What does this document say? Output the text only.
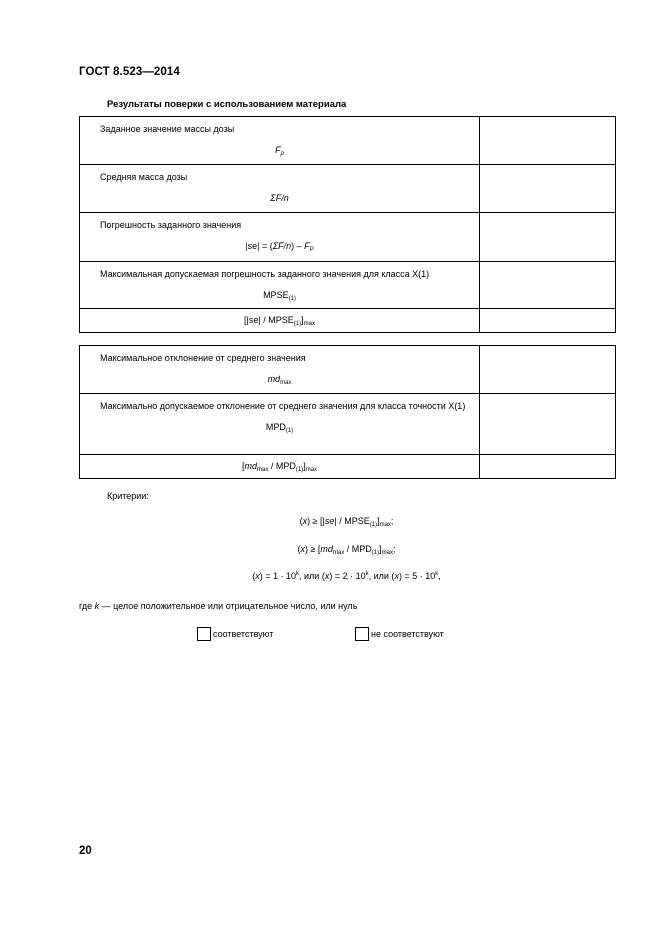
ГОСТ 8.523—2014
Результаты поверки с использованием материала
Заданное значение массы дозы
$F_p$

Средняя масса дозы
ΣF/n	

Погрешность заданного значения
$|se| = (\Sigma F/n) - F_P$

Максимальная допускаемая погрешность заданного значения для класса X(1)
$MPSE_{(1)}$

$[|se| / MPSE_{(1)}]_{max}$

Максимальное отклонение от среднего значения
$md_{max}$

Максимально допускаемое отклонение от среднего значения для класса точности X(1)
$MPD_{(1)}$

$[md_{max} / MPD_{(1)}]_{max}$

Критерии:
$(x) \ge [|se| / MPSE_{(1)}]_{max}$;
$(x) \ge [md_{max} / MPD_{(1)}]_{max}$;
$(x) = 1 \cdot 10^k$, или $(x) = 2 \cdot 10^k$, или $(x) = 5 \cdot 10^k$,
где k — целое положительное или отрицательное число, или нуль
соответствуют	не соответствуют
20
